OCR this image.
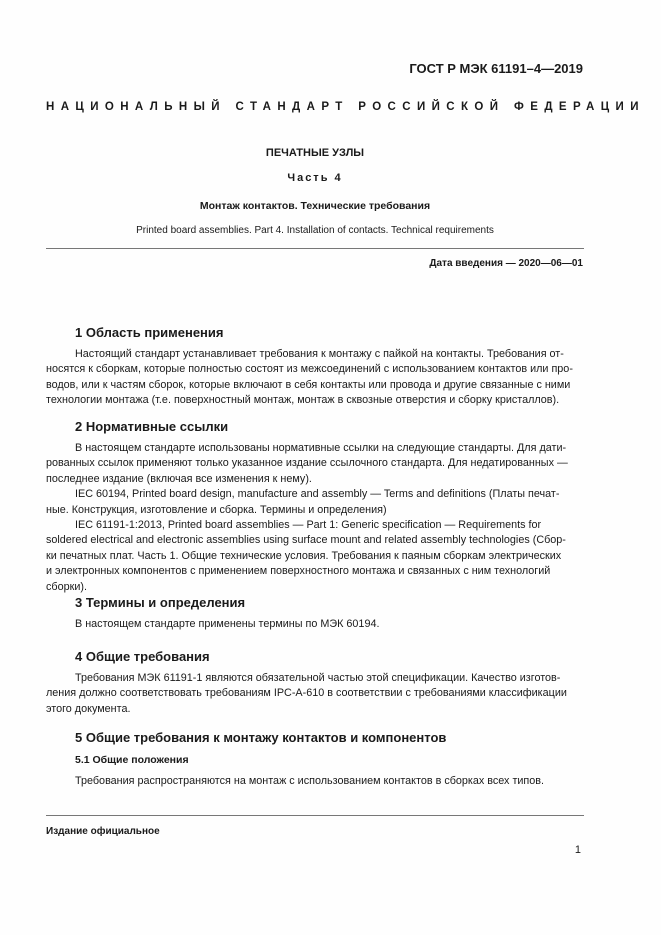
ГОСТ Р МЭК 61191–4—2019
НАЦИОНАЛЬНЫЙ СТАНДАРТ РОССИЙСКОЙ ФЕДЕРАЦИИ
ПЕЧАТНЫЕ УЗЛЫ
Часть 4
Монтаж контактов. Технические требования
Printed board assemblies. Part 4. Installation of contacts. Technical requirements
Дата введения — 2020—06—01
1 Область применения
Настоящий стандарт устанавливает требования к монтажу с пайкой на контакты. Требования от-
носятся к сборкам, которые полностью состоят из межсоединений с использованием контактов или про-
водов, или к частям сборок, которые включают в себя контакты или провода и другие связанные с ними
технологии монтажа (т.е. поверхностный монтаж, монтаж в сквозные отверстия и сборку кристаллов).
2 Нормативные ссылки
В настоящем стандарте использованы нормативные ссылки на следующие стандарты. Для дати-
рованных ссылок применяют только указанное издание ссылочного стандарта. Для недатированных —
последнее издание (включая все изменения к нему).
IEC 60194, Printed board design, manufacture and assembly — Terms and definitions (Платы печат-
ные. Конструкция, изготовление и сборка. Термины и определения)
IEC 61191-1:2013, Printed board assemblies — Part 1: Generic specification — Requirements for
soldered electrical and electronic assemblies using surface mount and related assembly technologies (Сбор-
ки печатных плат. Часть 1. Общие технические условия. Требования к паяным сборкам электрических
и электронных компонентов с применением поверхностного монтажа и связанных с ним технологий
сборки).
3 Термины и определения
В настоящем стандарте применены термины по МЭК 60194.
4 Общие требования
Требования МЭК 61191-1 являются обязательной частью этой спецификации. Качество изготов-
ления должно соответствовать требованиям IPC-A-610 в соответствии с требованиями классификации
этого документа.
5 Общие требования к монтажу контактов и компонентов
5.1 Общие положения
Требования распространяются на монтаж с использованием контактов в сборках всех типов.
Издание официальное
1
